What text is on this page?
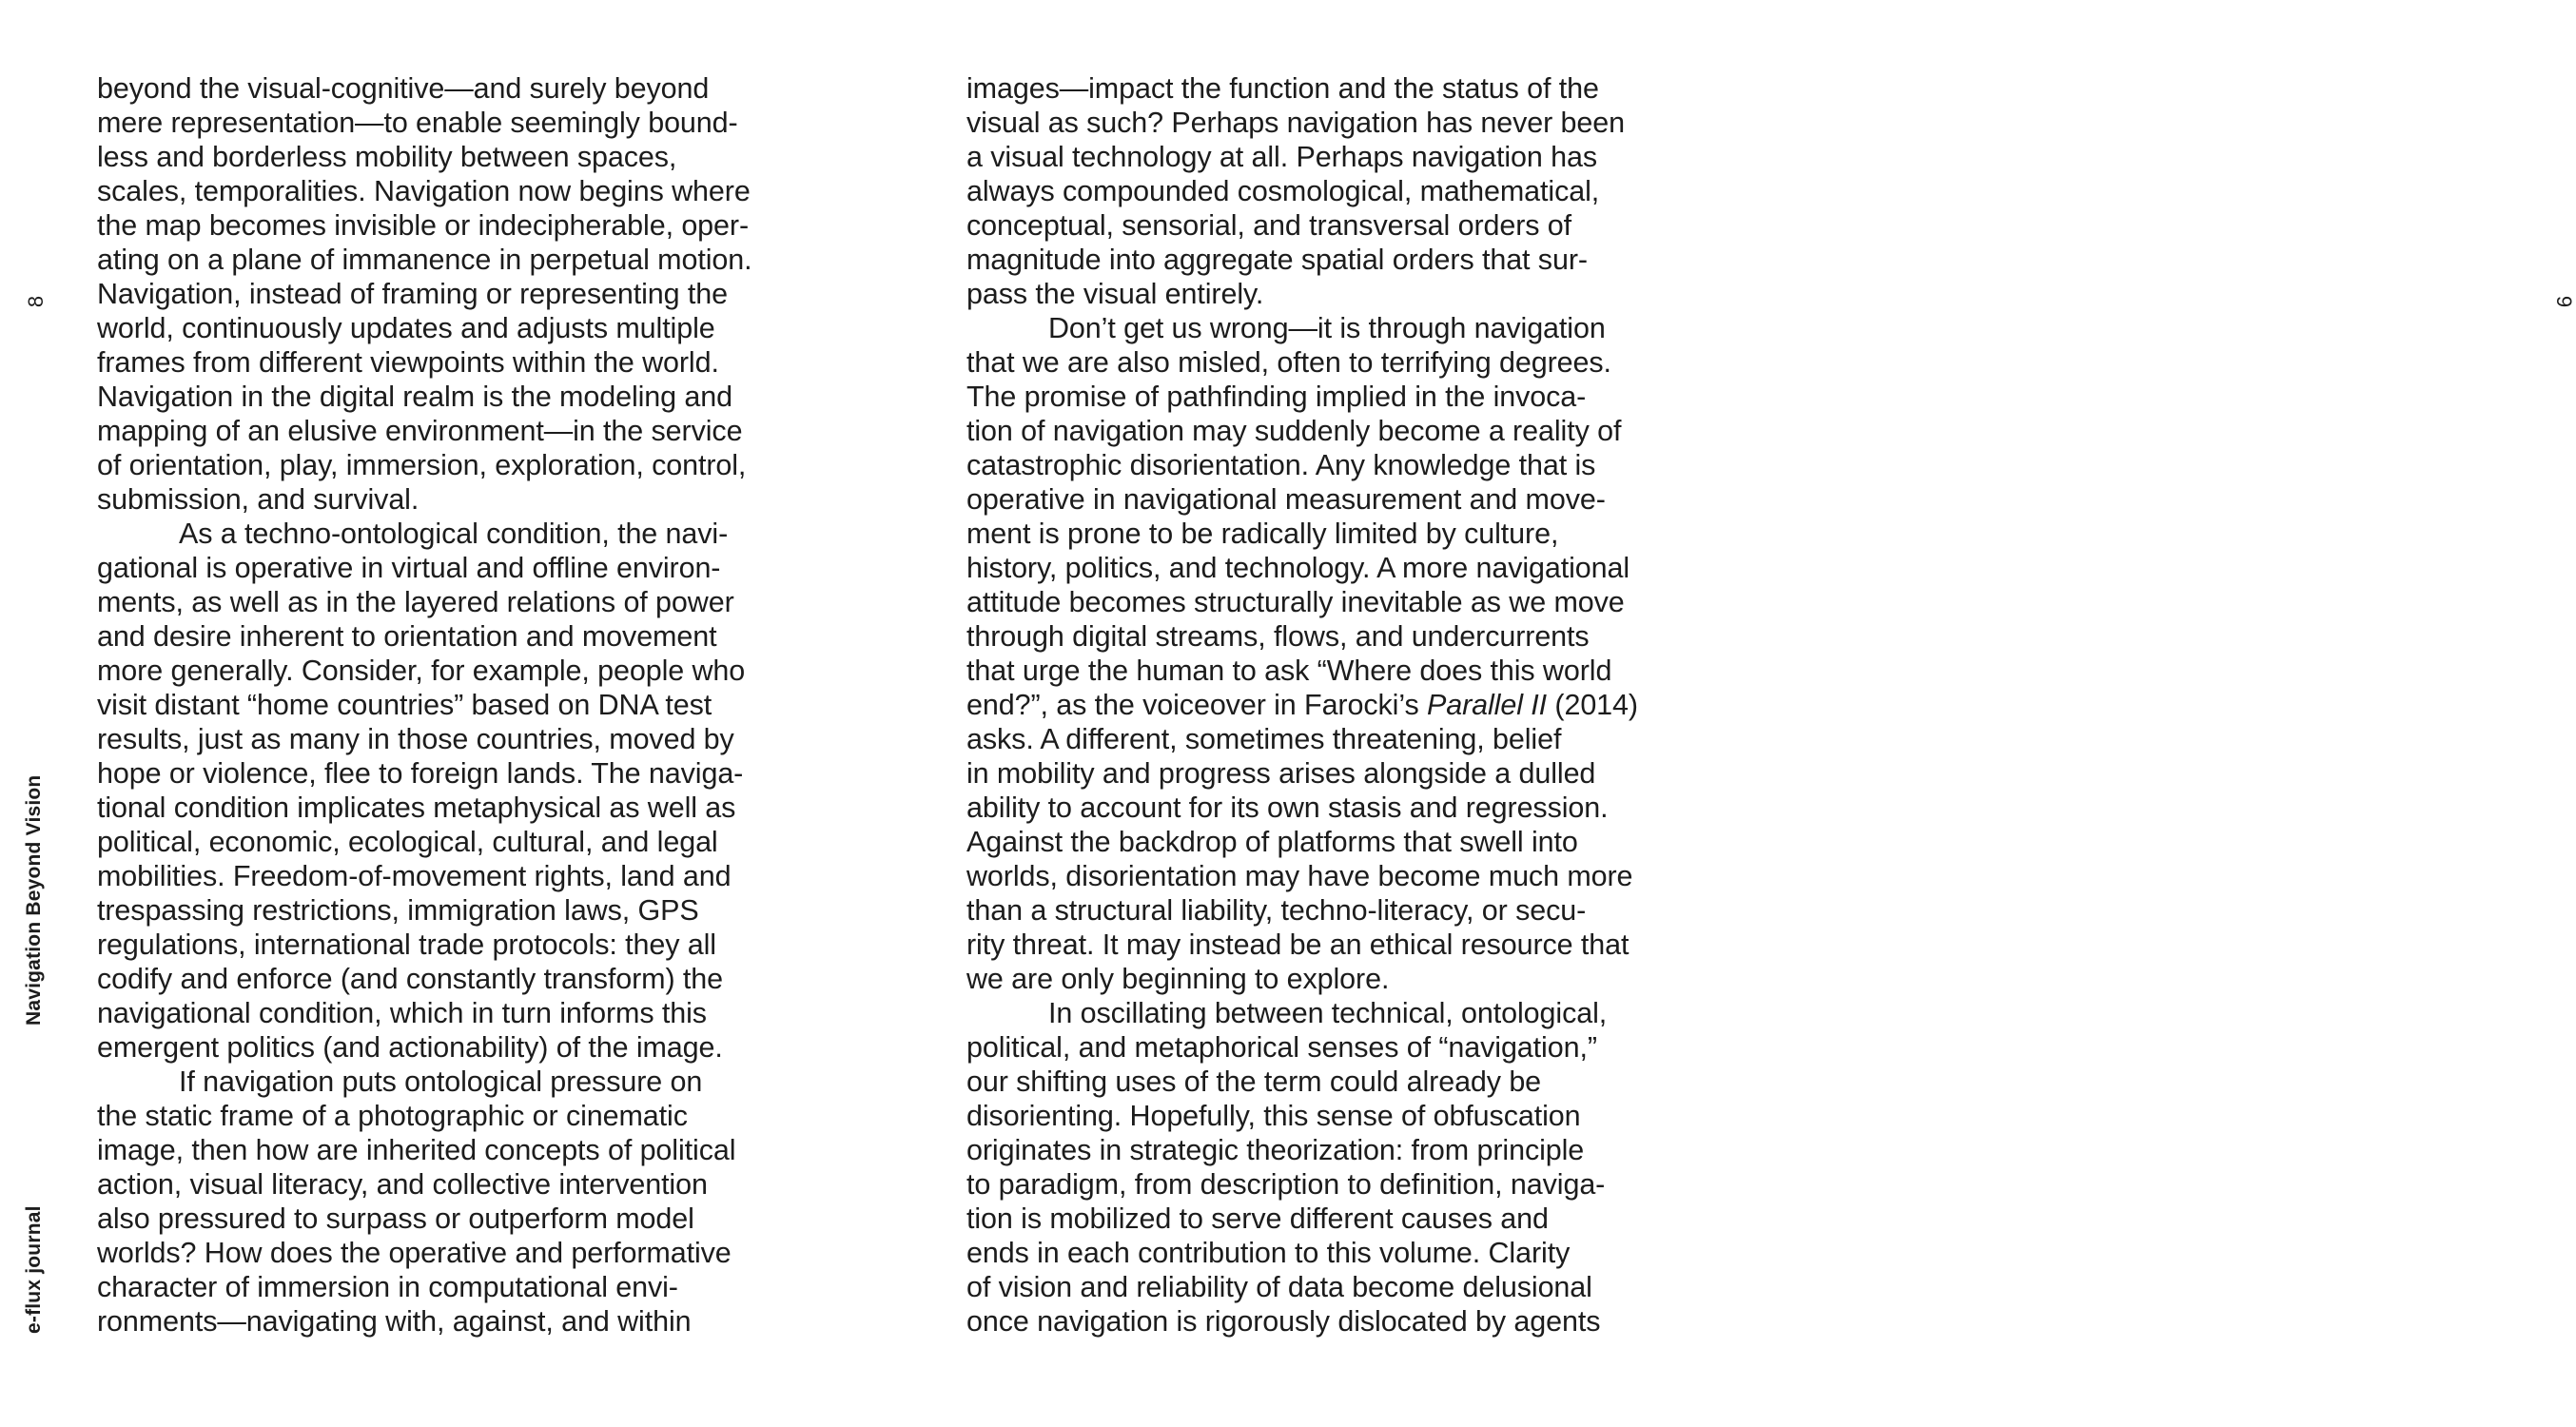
8
Navigation Beyond Vision
e-flux journal
beyond the visual-cognitive—and surely beyond
mere representation—to enable seemingly bound-
less and borderless mobility between spaces,
scales, temporalities. Navigation now begins where
the map becomes invisible or indecipherable, oper-
ating on a plane of immanence in perpetual motion.
Navigation, instead of framing or representing the
world, continuously updates and adjusts multiple
frames from different viewpoints within the world.
Navigation in the digital realm is the modeling and
mapping of an elusive environment—in the service
of orientation, play, immersion, exploration, control,
submission, and survival.
As a techno-ontological condition, the navi-
gational is operative in virtual and offline environ-
ments, as well as in the layered relations of power
and desire inherent to orientation and movement
more generally. Consider, for example, people who
visit distant “home countries” based on DNA test
results, just as many in those countries, moved by
hope or violence, flee to foreign lands. The naviga-
tional condition implicates metaphysical as well as
political, economic, ecological, cultural, and legal
mobilities. Freedom-of-movement rights, land and
trespassing restrictions, immigration laws, GPS
regulations, international trade protocols: they all
codify and enforce (and constantly transform) the
navigational condition, which in turn informs this
emergent politics (and actionability) of the image.
If navigation puts ontological pressure on
the static frame of a photographic or cinematic
image, then how are inherited concepts of political
action, visual literacy, and collective intervention
also pressured to surpass or outperform model
worlds? How does the operative and performative
character of immersion in computational envi-
ronments—navigating with, against, and within
images—impact the function and the status of the
visual as such? Perhaps navigation has never been
a visual technology at all. Perhaps navigation has
always compounded cosmological, mathematical,
conceptual, sensorial, and transversal orders of
magnitude into aggregate spatial orders that sur-
pass the visual entirely.
Don’t get us wrong—it is through navigation
that we are also misled, often to terrifying degrees.
The promise of pathfinding implied in the invoca-
tion of navigation may suddenly become a reality of
catastrophic disorientation. Any knowledge that is
operative in navigational measurement and move-
ment is prone to be radically limited by culture,
history, politics, and technology. A more navigational
attitude becomes structurally inevitable as we move
through digital streams, flows, and undercurrents
that urge the human to ask “Where does this world
end?”, as the voiceover in Farocki’s Parallel II (2014)
asks. A different, sometimes threatening, belief
in mobility and progress arises alongside a dulled
ability to account for its own stasis and regression.
Against the backdrop of platforms that swell into
worlds, disorientation may have become much more
than a structural liability, techno-literacy, or secu-
rity threat. It may instead be an ethical resource that
we are only beginning to explore.
In oscillating between technical, ontological,
political, and metaphorical senses of “navigation,”
our shifting uses of the term could already be
disorienting. Hopefully, this sense of obfuscation
originates in strategic theorization: from principle
to paradigm, from description to definition, naviga-
tion is mobilized to serve different causes and
ends in each contribution to this volume. Clarity
of vision and reliability of data become delusional
once navigation is rigorously dislocated by agents
9
